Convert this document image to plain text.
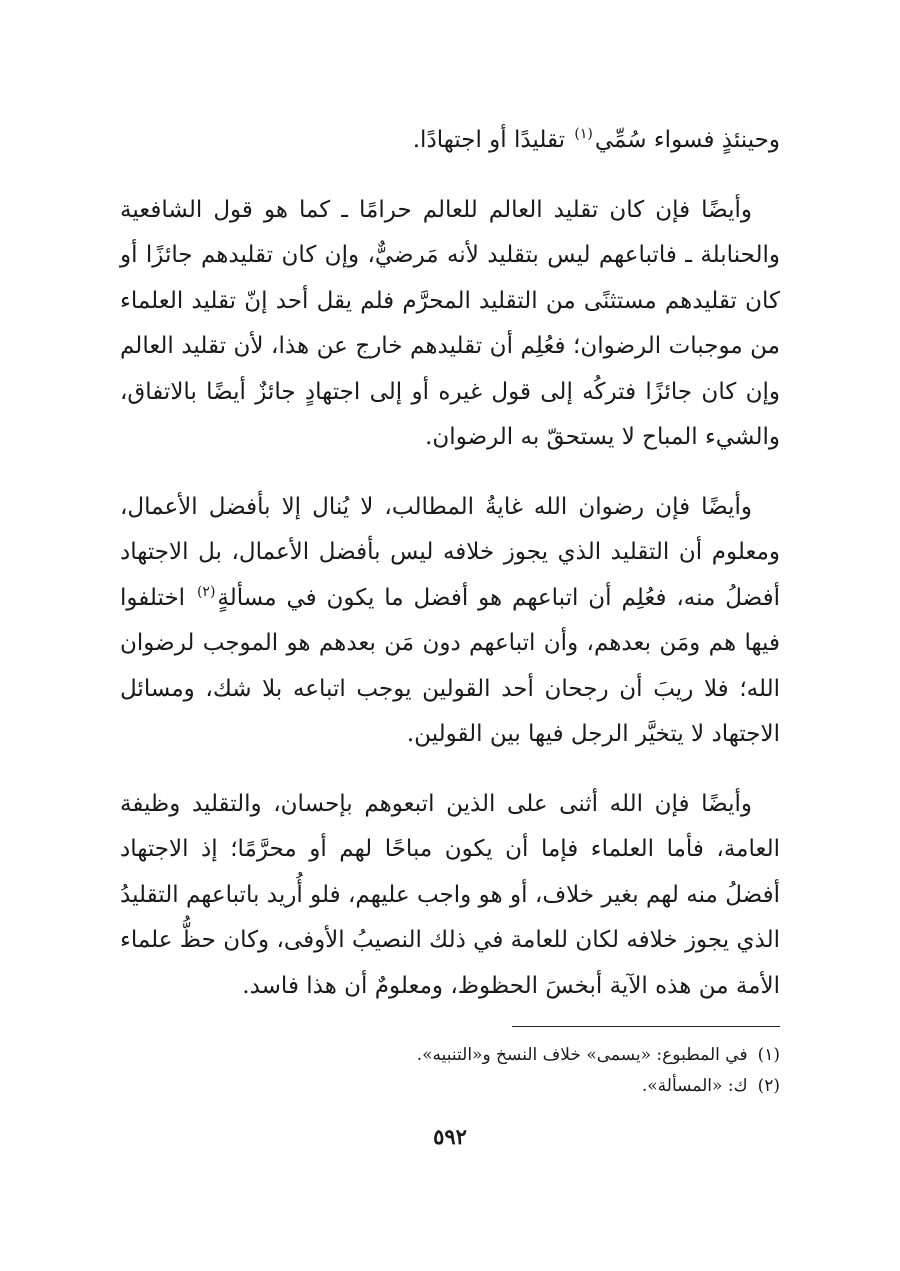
وحينئذٍ فسواء سُمِّي$^{(١)}$ تقليدًا أو اجتهادًا.

وأيضًا فإن كان تقليد العالم للعالم حرامًا ـ كما هو قول الشافعية والحنابلة ـ فاتباعهم ليس بتقليد لأنه مَرضيٌّ، وإن كان تقليدهم جائزًا أو كان تقليدهم مستثنًى من التقليد المحرَّم فلم يقل أحد إنّ تقليد العلماء من موجبات الرضوان؛ فعُلِم أن تقليدهم خارج عن هذا، لأن تقليد العالم وإن كان جائزًا فتركُه إلى قول غيره أو إلى اجتهادٍ جائزٌ أيضًا بالاتفاق، والشيء المباح لا يستحقّ به الرضوان.

وأيضًا فإن رضوان الله غايةُ المطالب، لا يُنال إلا بأفضل الأعمال، ومعلوم أن التقليد الذي يجوز خلافه ليس بأفضل الأعمال، بل الاجتهاد أفضلُ منه، فعُلِم أن اتباعهم هو أفضل ما يكون في مسألةٍ$^{(٢)}$ اختلفوا فيها هم ومَن بعدهم، وأن اتباعهم دون مَن بعدهم هو الموجب لرضوان الله؛ فلا ريبَ أن رجحان أحد القولين يوجب اتباعه بلا شك، ومسائل الاجتهاد لا يتخيَّر الرجل فيها بين القولين.

وأيضًا فإن الله أثنى على الذين اتبعوهم بإحسان، والتقليد وظيفة العامة، فأما العلماء فإما أن يكون مباحًا لهم أو محرَّمًا؛ إذ الاجتهاد أفضلُ منه لهم بغير خلاف، أو هو واجب عليهم، فلو أُريد باتباعهم التقليدُ الذي يجوز خلافه لكان للعامة في ذلك النصيبُ الأوفى، وكان حظُّ علماء الأمة من هذه الآية أبخسَ الحظوظ، ومعلومٌ أن هذا فاسد.

(١)في المطبوع: «يسمى» خلاف النسخ و«التنبيه».

(٢)ك: «المسألة».

٥٩٢
